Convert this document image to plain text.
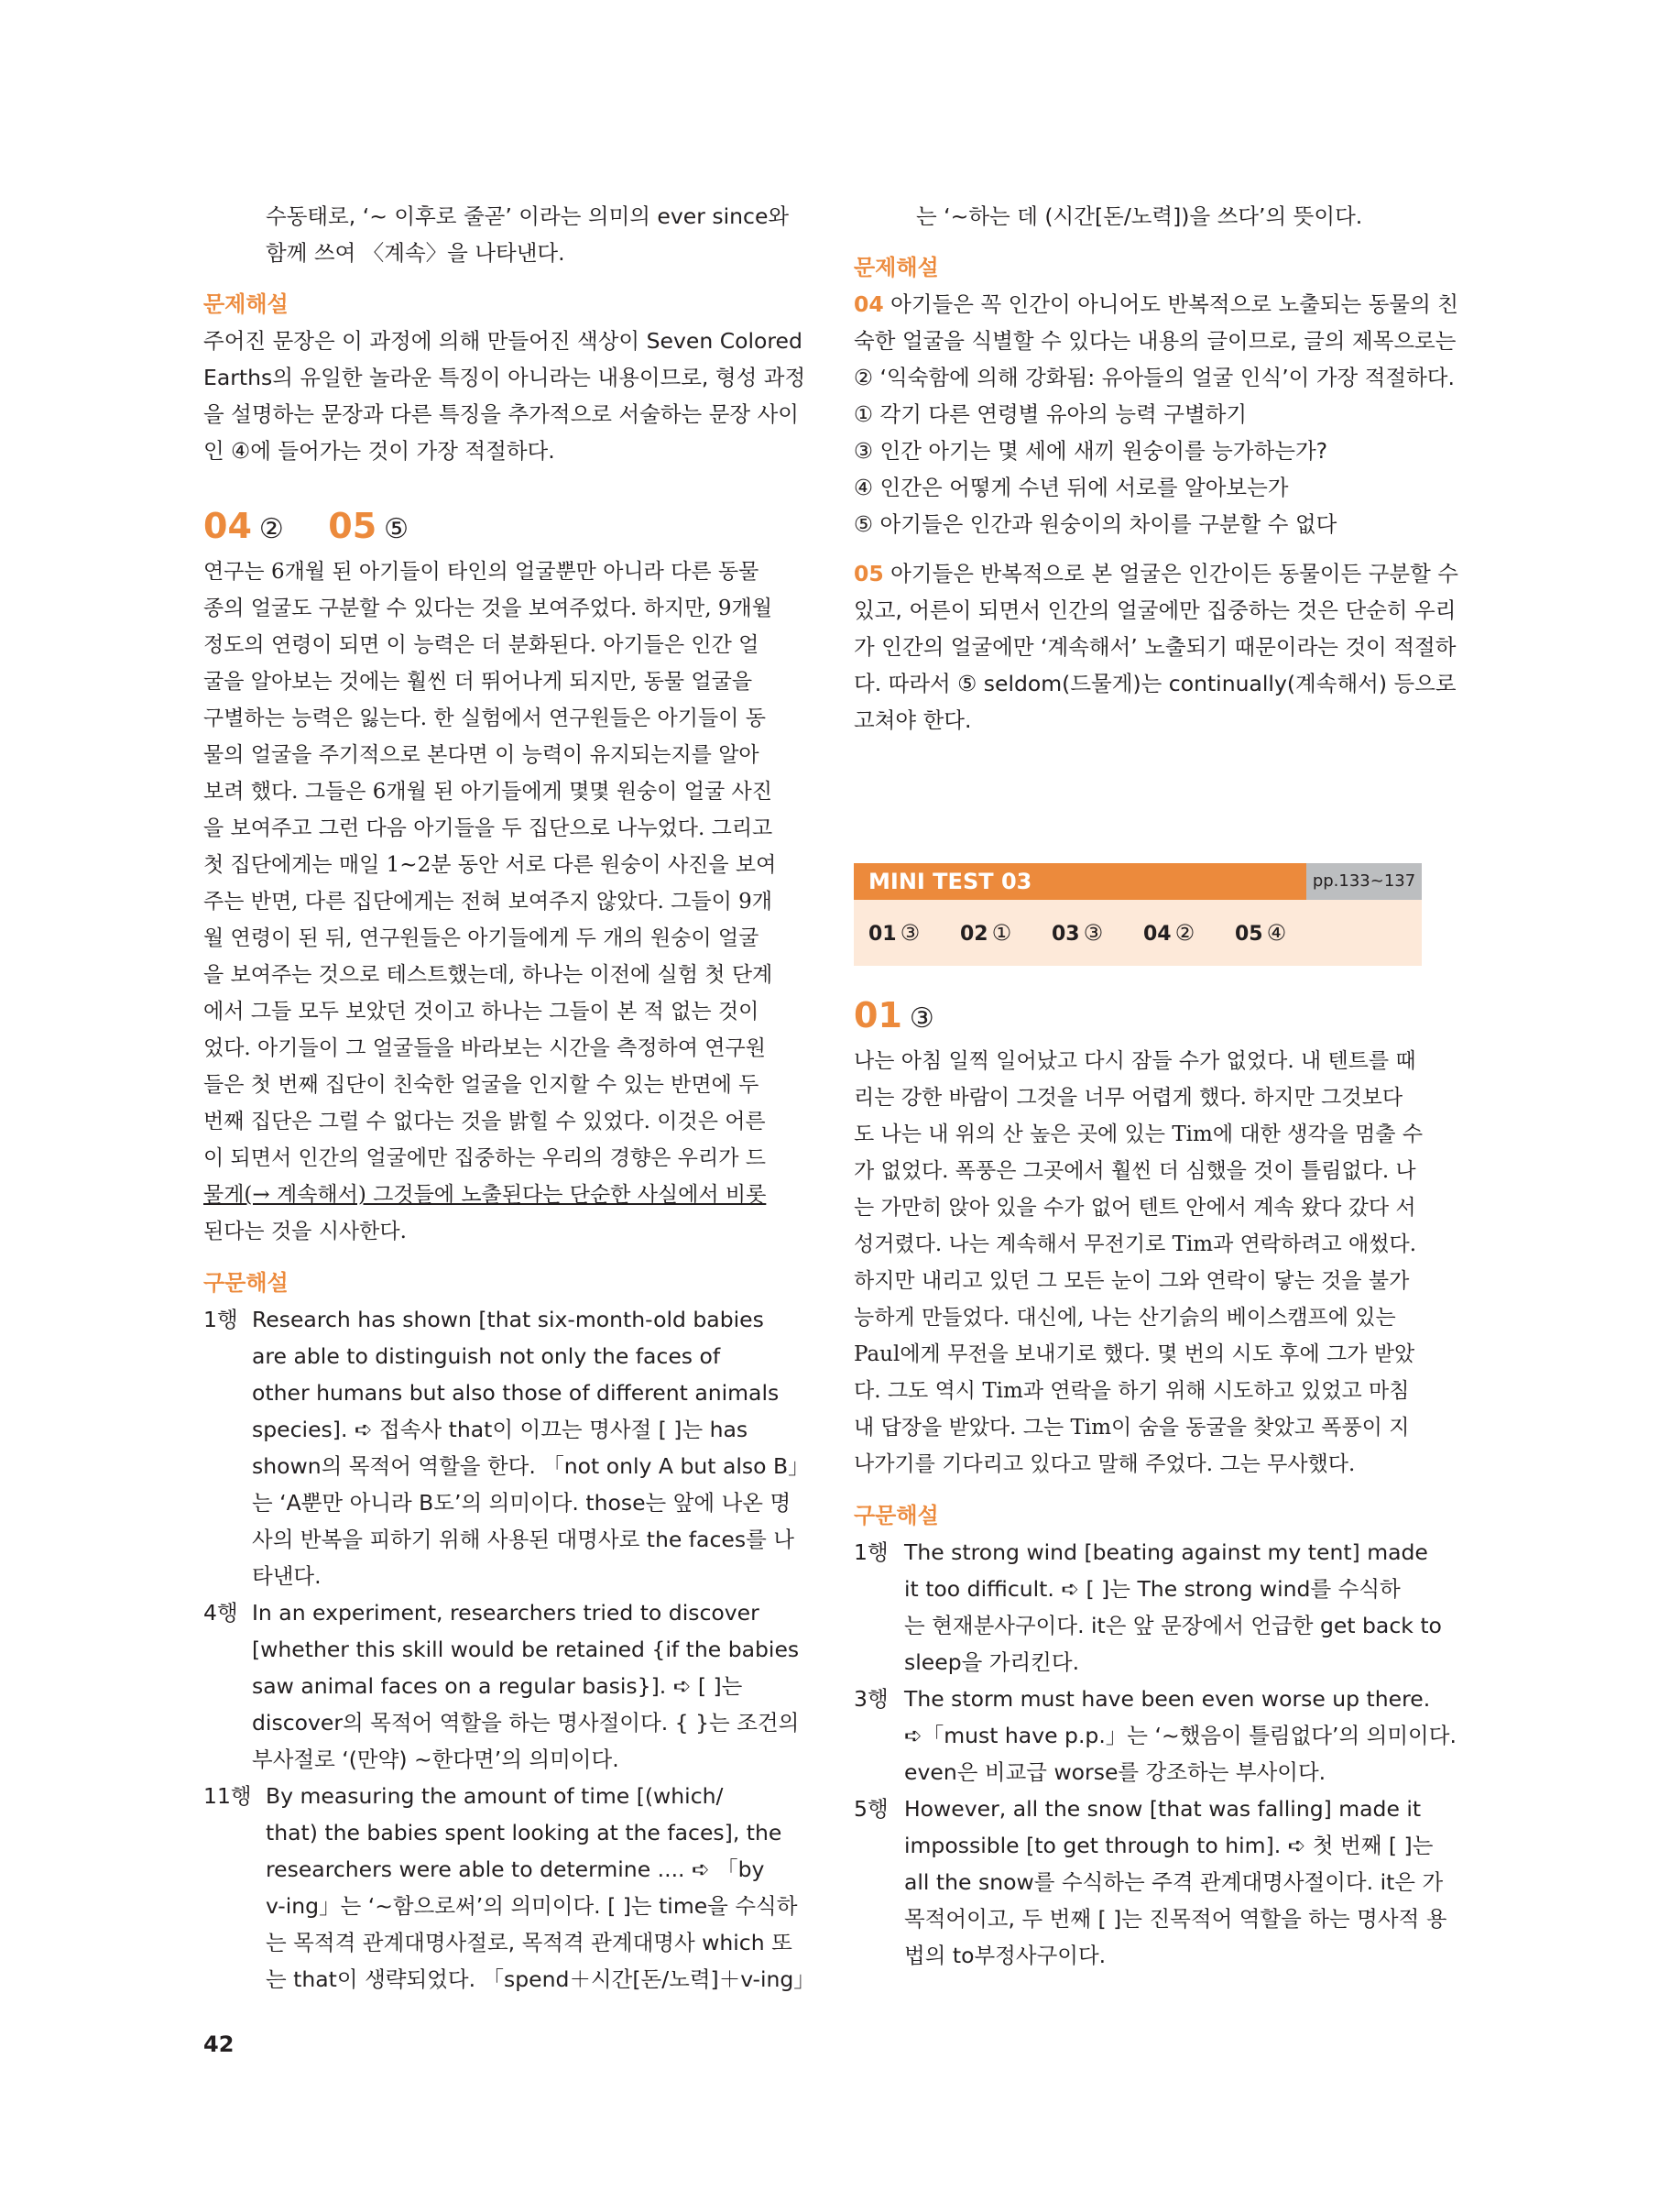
수동태로, ‘~ 이후로 줄곧’ 이라는 의미의 ever since와
함께 쓰여 〈계속〉을 나타낸다.
문제해설
주어진 문장은 이 과정에 의해 만들어진 색상이 Seven Colored
Earths의 유일한 놀라운 특징이 아니라는 내용이므로, 형성 과정
을 설명하는 문장과 다른 특징을 추가적으로 서술하는 문장 사이
인 ④에 들어가는 것이 가장 적절하다.
04 ② 05 ⑤
연구는 6개월 된 아기들이 타인의 얼굴뿐만 아니라 다른 동물
종의 얼굴도 구분할 수 있다는 것을 보여주었다. 하지만, 9개월
정도의 연령이 되면 이 능력은 더 분화된다. 아기들은 인간 얼
굴을 알아보는 것에는 훨씬 더 뛰어나게 되지만, 동물 얼굴을
구별하는 능력은 잃는다. 한 실험에서 연구원들은 아기들이 동
물의 얼굴을 주기적으로 본다면 이 능력이 유지되는지를 알아
보려 했다. 그들은 6개월 된 아기들에게 몇몇 원숭이 얼굴 사진
을 보여주고 그런 다음 아기들을 두 집단으로 나누었다. 그리고
첫 집단에게는 매일 1~2분 동안 서로 다른 원숭이 사진을 보여
주는 반면, 다른 집단에게는 전혀 보여주지 않았다. 그들이 9개
월 연령이 된 뒤, 연구원들은 아기들에게 두 개의 원숭이 얼굴
을 보여주는 것으로 테스트했는데, 하나는 이전에 실험 첫 단계
에서 그들 모두 보았던 것이고 하나는 그들이 본 적 없는 것이
었다. 아기들이 그 얼굴들을 바라보는 시간을 측정하여 연구원
들은 첫 번째 집단이 친숙한 얼굴을 인지할 수 있는 반면에 두
번째 집단은 그럴 수 없다는 것을 밝힐 수 있었다. 이것은 어른
이 되면서 인간의 얼굴에만 집중하는 우리의 경향은 우리가 드
물게(→ 계속해서) 그것들에 노출된다는 단순한 사실에서 비롯
된다는 것을 시사한다.
구문해설
1행 Research has shown [that six-month-old babies
are able to distinguish not only the faces of
other humans but also those of different animals
species]. ➪ 접속사 that이 이끄는 명사절 [ ]는 has
shown의 목적어 역할을 한다. 「not only A but also B」
는 ‘A뿐만 아니라 B도’의 의미이다. those는 앞에 나온 명
사의 반복을 피하기 위해 사용된 대명사로 the faces를 나
타낸다.
4행 In an experiment, researchers tried to discover
[whether this skill would be retained {if the babies
saw animal faces on a regular basis}]. ➪ [ ]는
discover의 목적어 역할을 하는 명사절이다. { }는 조건의
부사절로 ‘(만약) ~한다면’의 의미이다.
11행 By measuring the amount of time [(which/
that) the babies spent looking at the faces], the
researchers were able to determine .... ➪ 「by
v-ing」는 ‘~함으로써’의 의미이다. [ ]는 time을 수식하
는 목적격 관계대명사절로, 목적격 관계대명사 which 또
는 that이 생략되었다. 「spend＋시간[돈/노력]＋v-ing」
42
는 ‘~하는 데 (시간[돈/노력])을 쓰다’의 뜻이다.
문제해설
04 아기들은 꼭 인간이 아니어도 반복적으로 노출되는 동물의 친
숙한 얼굴을 식별할 수 있다는 내용의 글이므로, 글의 제목으로는
② ‘익숙함에 의해 강화됨: 유아들의 얼굴 인식’이 가장 적절하다.
① 각기 다른 연령별 유아의 능력 구별하기
③ 인간 아기는 몇 세에 새끼 원숭이를 능가하는가?
④ 인간은 어떻게 수년 뒤에 서로를 알아보는가
⑤ 아기들은 인간과 원숭이의 차이를 구분할 수 없다
05 아기들은 반복적으로 본 얼굴은 인간이든 동물이든 구분할 수
있고, 어른이 되면서 인간의 얼굴에만 집중하는 것은 단순히 우리
가 인간의 얼굴에만 ‘계속해서’ 노출되기 때문이라는 것이 적절하
다. 따라서 ⑤ seldom(드물게)는 continually(계속해서) 등으로
고쳐야 한다.
MINI TEST 03	pp.133~137
01 ③ 02 ① 03 ③ 04 ② 05 ④
01 ③
나는 아침 일찍 일어났고 다시 잠들 수가 없었다. 내 텐트를 때
리는 강한 바람이 그것을 너무 어렵게 했다. 하지만 그것보다
도 나는 내 위의 산 높은 곳에 있는 Tim에 대한 생각을 멈출 수
가 없었다. 폭풍은 그곳에서 훨씬 더 심했을 것이 틀림없다. 나
는 가만히 앉아 있을 수가 없어 텐트 안에서 계속 왔다 갔다 서
성거렸다. 나는 계속해서 무전기로 Tim과 연락하려고 애썼다.
하지만 내리고 있던 그 모든 눈이 그와 연락이 닿는 것을 불가
능하게 만들었다. 대신에, 나는 산기슭의 베이스캠프에 있는
Paul에게 무전을 보내기로 했다. 몇 번의 시도 후에 그가 받았
다. 그도 역시 Tim과 연락을 하기 위해 시도하고 있었고 마침
내 답장을 받았다. 그는 Tim이 숨을 동굴을 찾았고 폭풍이 지
나가기를 기다리고 있다고 말해 주었다. 그는 무사했다.
구문해설
1행 The strong wind [beating against my tent] made
it too difficult. ➪ [ ]는 The strong wind를 수식하
는 현재분사구이다. it은 앞 문장에서 언급한 get back to
sleep을 가리킨다.
3행 The storm must have been even worse up there.
➪「must have p.p.」는 ‘~했음이 틀림없다’의 의미이다.
even은 비교급 worse를 강조하는 부사이다.
5행 However, all the snow [that was falling] made it
impossible [to get through to him]. ➪ 첫 번째 [ ]는
all the snow를 수식하는 주격 관계대명사절이다. it은 가
목적어이고, 두 번째 [ ]는 진목적어 역할을 하는 명사적 용
법의 to부정사구이다.
